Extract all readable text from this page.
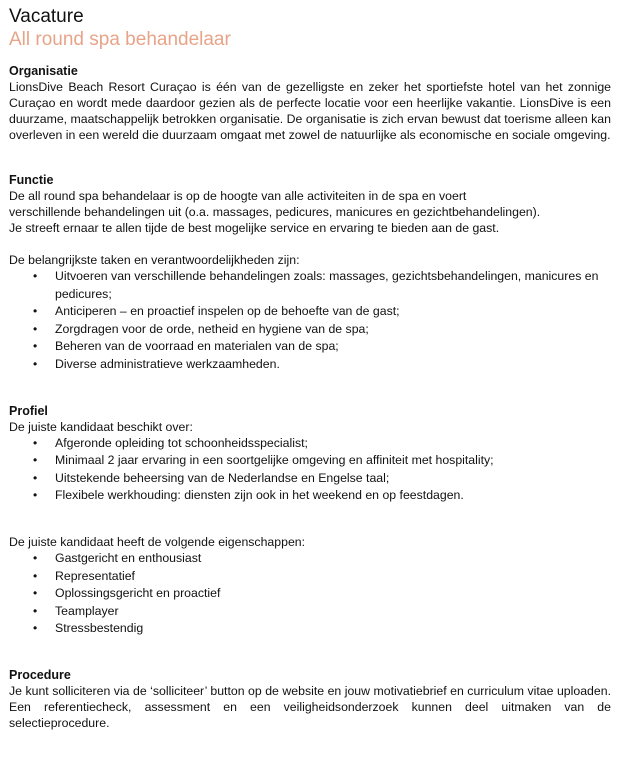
Vacature
All round spa behandelaar
Organisatie

LionsDive Beach Resort Curaçao is één van de gezelligste en zeker het sportiefste hotel van het zonnige Curaçao en wordt mede daardoor gezien als de perfecte locatie voor een heerlijke vakantie. LionsDive is een duurzame, maatschappelijk betrokken organisatie. De organisatie is zich ervan bewust dat toerisme alleen kan overleven in een wereld die duurzaam omgaat met zowel de natuurlijke als economische en sociale omgeving.

Functie

De all round spa behandelaar is op de hoogte van alle activiteiten in de spa en voert

verschillende behandelingen uit (o.a. massages, pedicures, manicures en gezichtbehandelingen).

Je streeft ernaar te allen tijde de best mogelijke service en ervaring te bieden aan de gast.

De belangrijkste taken en verantwoordelijkheden zijn:

• Uitvoeren van verschillende behandelingen zoals: massages, gezichtsbehandelingen, manicures en pedicures;
• Anticiperen – en proactief inspelen op de behoefte van de gast;
• Zorgdragen voor de orde, netheid en hygiene van de spa;
• Beheren van de voorraad en materialen van de spa;
• Diverse administratieve werkzaamheden.
Profiel

De juiste kandidaat beschikt over:

• Afgeronde opleiding tot schoonheidsspecialist;
• Minimaal 2 jaar ervaring in een soortgelijke omgeving en affiniteit met hospitality;
• Uitstekende beheersing van de Nederlandse en Engelse taal;
• Flexibele werkhouding: diensten zijn ook in het weekend en op feestdagen.

De juiste kandidaat heeft de volgende eigenschappen:

• Gastgericht en enthousiast
• Representatief
• Oplossingsgericht en proactief
• Teamplayer
• Stressbestendig
Procedure

Je kunt solliciteren via de ‘solliciteer’ button op de website en jouw motivatiebrief en curriculum vitae uploaden. Een referentiecheck, assessment en een veiligheidsonderzoek kunnen deel uitmaken van de selectieprocedure.
